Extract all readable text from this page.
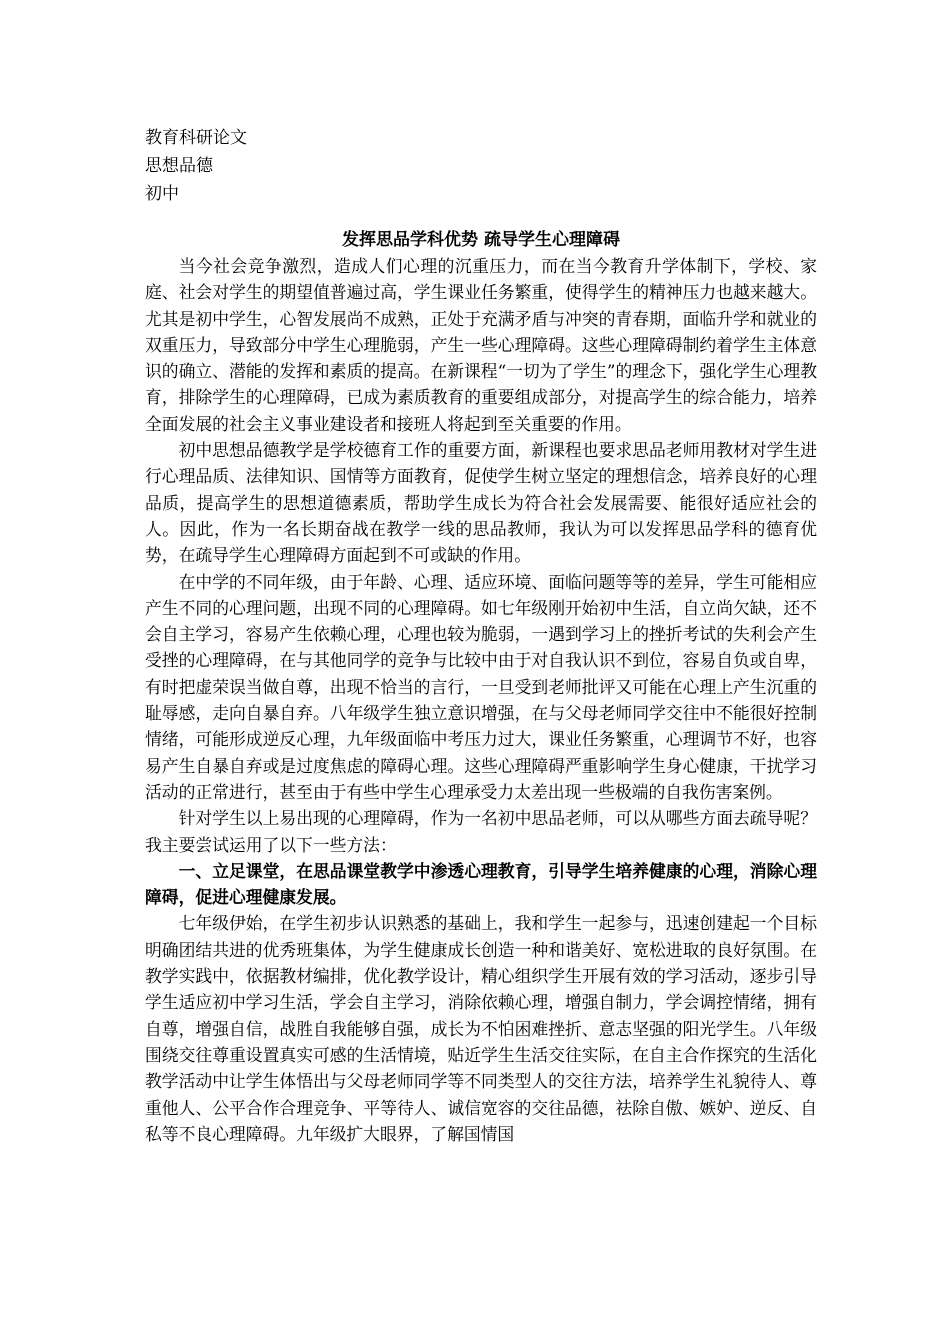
教育科研论文
思想品德
初中
发挥思品学科优势 疏导学生心理障碍

当今社会竞争激烈，造成人们心理的沉重压力，而在当今教育升学体制下，学校、家庭、社会对学生的期望值普遍过高，学生课业任务繁重，使得学生的精神压力也越来越大。尤其是初中学生，心智发展尚不成熟，正处于充满矛盾与冲突的青春期，面临升学和就业的双重压力，导致部分中学生心理脆弱，产生一些心理障碍。这些心理障碍制约着学生主体意识的确立、潜能的发挥和素质的提高。在新课程“一切为了学生”的理念下，强化学生心理教育，排除学生的心理障碍，已成为素质教育的重要组成部分，对提高学生的综合能力，培养全面发展的社会主义事业建设者和接班人将起到至关重要的作用。

初中思想品德教学是学校德育工作的重要方面，新课程也要求思品老师用教材对学生进行心理品质、法律知识、国情等方面教育，促使学生树立坚定的理想信念，培养良好的心理品质，提高学生的思想道德素质，帮助学生成长为符合社会发展需要、能很好适应社会的人。因此，作为一名长期奋战在教学一线的思品教师，我认为可以发挥思品学科的德育优势，在疏导学生心理障碍方面起到不可或缺的作用。

在中学的不同年级，由于年龄、心理、适应环境、面临问题等等的差异，学生可能相应产生不同的心理问题，出现不同的心理障碍。如七年级刚开始初中生活，自立尚欠缺，还不会自主学习，容易产生依赖心理，心理也较为脆弱，一遇到学习上的挫折考试的失利会产生受挫的心理障碍，在与其他同学的竞争与比较中由于对自我认识不到位，容易自负或自卑，有时把虚荣误当做自尊，出现不恰当的言行，一旦受到老师批评又可能在心理上产生沉重的耻辱感，走向自暴自弃。八年级学生独立意识增强，在与父母老师同学交往中不能很好控制情绪，可能形成逆反心理，九年级面临中考压力过大，课业任务繁重，心理调节不好，也容易产生自暴自弃或是过度焦虑的障碍心理。这些心理障碍严重影响学生身心健康，干扰学习活动的正常进行，甚至由于有些中学生心理承受力太差出现一些极端的自我伤害案例。

针对学生以上易出现的心理障碍，作为一名初中思品老师，可以从哪些方面去疏导呢？我主要尝试运用了以下一些方法：

一、立足课堂，在思品课堂教学中渗透心理教育，引导学生培养健康的心理，消除心理障碍，促进心理健康发展。

七年级伊始，在学生初步认识熟悉的基础上，我和学生一起参与，迅速创建起一个目标明确团结共进的优秀班集体，为学生健康成长创造一种和谐美好、宽松进取的良好氛围。在教学实践中，依据教材编排，优化教学设计，精心组织学生开展有效的学习活动，逐步引导学生适应初中学习生活，学会自主学习，消除依赖心理，增强自制力，学会调控情绪，拥有自尊，增强自信，战胜自我能够自强，成长为不怕困难挫折、意志坚强的阳光学生。八年级围绕交往尊重设置真实可感的生活情境，贴近学生生活交往实际，在自主合作探究的生活化教学活动中让学生体悟出与父母老师同学等不同类型人的交往方法，培养学生礼貌待人、尊重他人、公平合作合理竞争、平等待人、诚信宽容的交往品德，祛除自傲、嫉妒、逆反、自私等不良心理障碍。九年级扩大眼界，了解国情国
